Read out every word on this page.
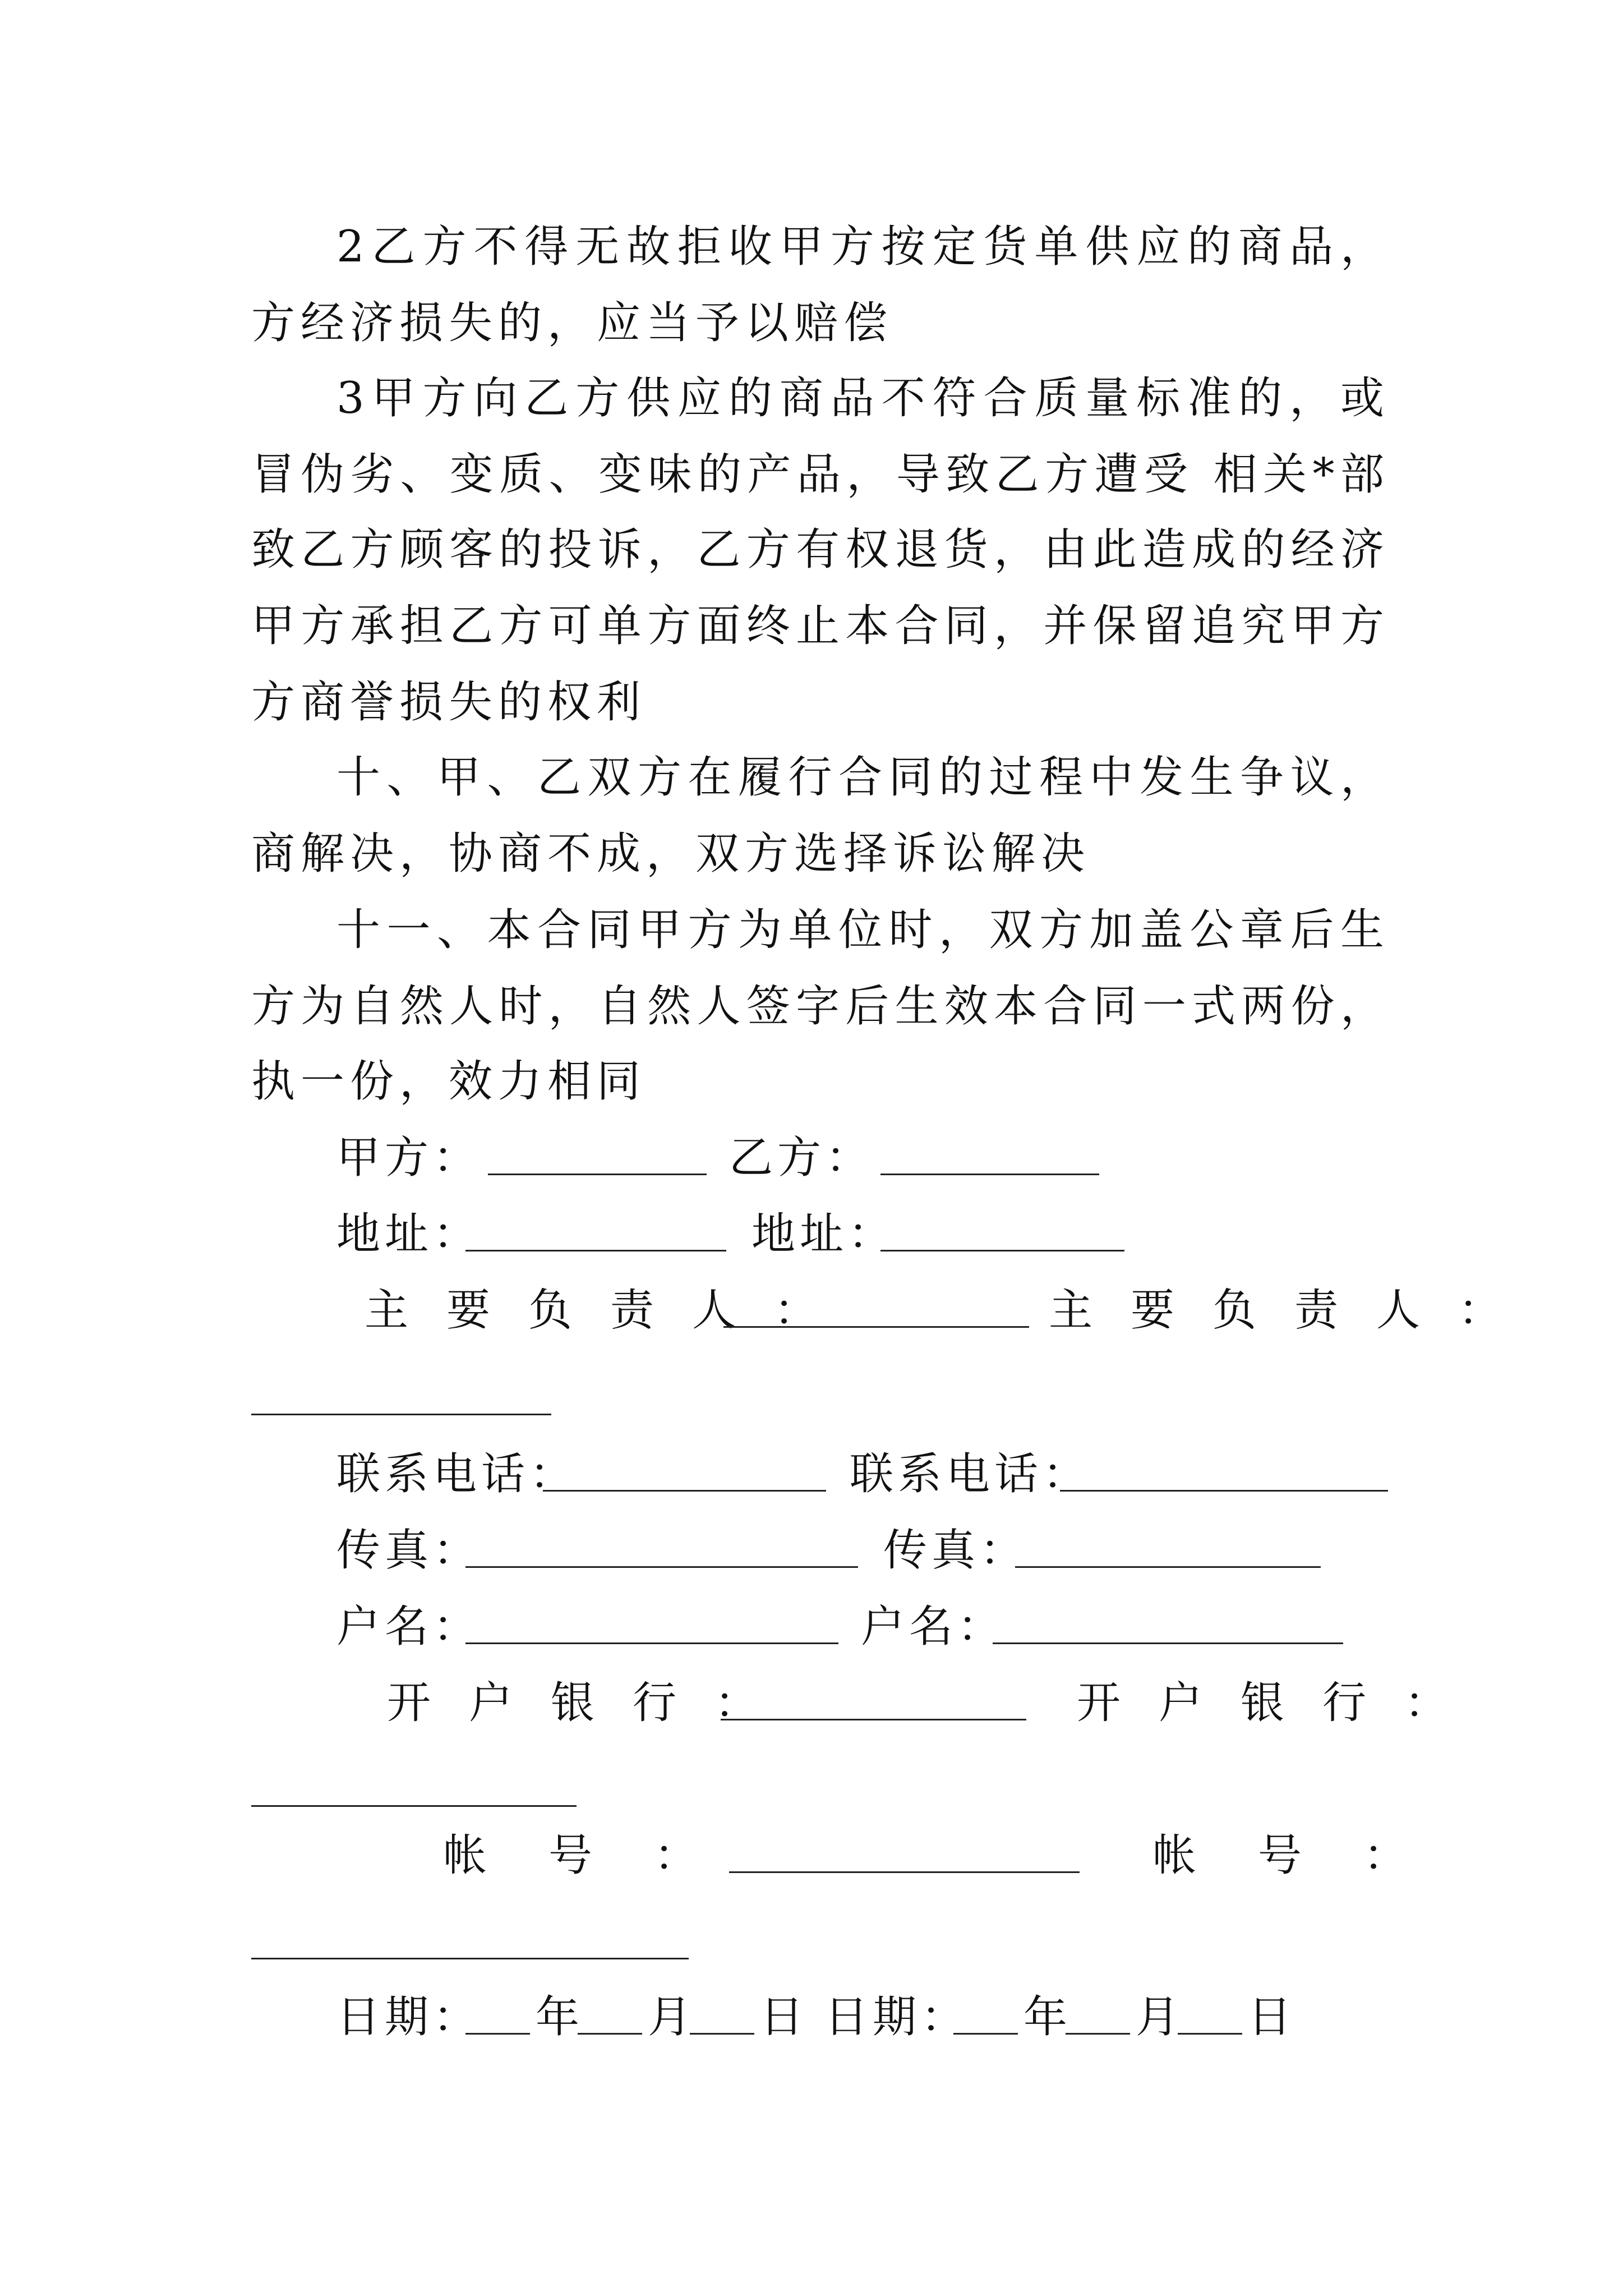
2乙方不得无故拒收甲方按定货单供应的商品，
方经济损失的，应当予以赔偿
3甲方向乙方供应的商品不符合质量标准的，或
冒伪劣、变质、变味的产品，导致乙方遭受 相关*部
致乙方顾客的投诉，乙方有权退货，由此造成的经济
甲方承担乙方可单方面终止本合同，并保留追究甲方
方商誉损失的权利
十、甲、乙双方在履行合同的过程中发生争议，
商解决，协商不成，双方选择诉讼解决
十一、本合同甲方为单位时，双方加盖公章后生
方为自然人时，自然人签字后生效本合同一式两份，
执一份，效力相同
甲方：	乙方：
地址：	地址：
主要负责人：	主要负责人：
联系电话：	联系电话：
传真：	传真：
户名：	户名：
开户银行：	开户银行：
帐号：	帐号：
日期： 年 月 日 日期： 年 月 日
